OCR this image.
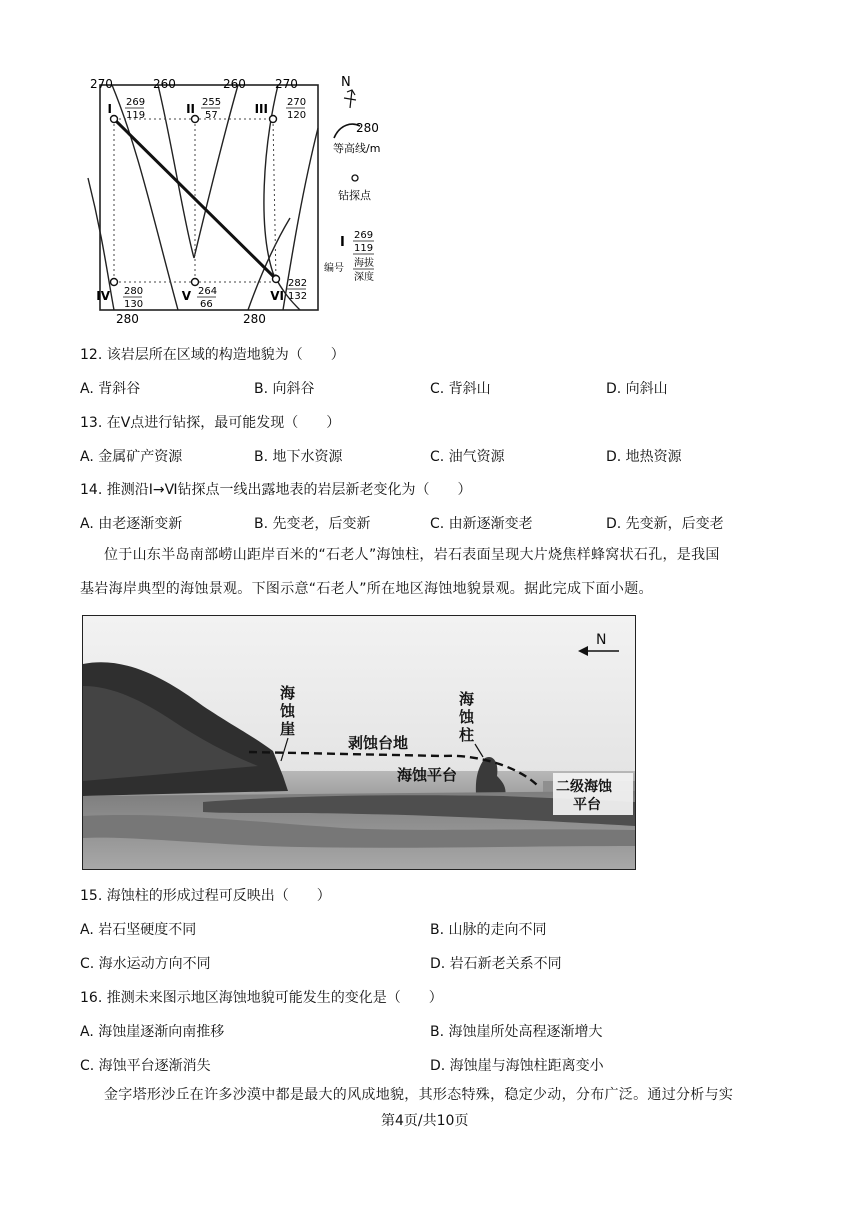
270	260	260 270
280	280
I 269
119	II 255
57	III 270
120
IV 280
130
V 264
66
VI
282
132
N
280
等高线/m
钻探点
I 269
119
编号 海拔
深度
12. 该岩层所在区域的构造地貌为（　　）
A. 背斜谷	B. 向斜谷	C. 背斜山	D. 向斜山
13. 在Ⅴ点进行钻探，最可能发现（　　）
A. 金属矿产资源	B. 地下水资源	C. 油气资源	D. 地热资源
14. 推测沿Ⅰ→Ⅵ钻探点一线出露地表的岩层新老变化为（　　）
A. 由老逐渐变新	B. 先变老，后变新	C. 由新逐渐变老	D. 先变新，后变老
位于山东半岛南部崂山距岸百米的“石老人”海蚀柱，岩石表面呈现大片烧焦样蜂窝状石孔，是我国
基岩海岸典型的海蚀景观。下图示意“石老人”所在地区海蚀地貌景观。据此完成下面小题。
N
海
蚀
崖
海
蚀
柱
剥蚀台地
海蚀平台
二级海蚀
平台
15. 海蚀柱的形成过程可反映出（　　）
A. 岩石坚硬度不同	B. 山脉的走向不同
C. 海水运动方向不同	D. 岩石新老关系不同
16. 推测未来图示地区海蚀地貌可能发生的变化是（　　）
A. 海蚀崖逐渐向南推移	B. 海蚀崖所处高程逐渐增大
C. 海蚀平台逐渐消失	D. 海蚀崖与海蚀柱距离变小
金字塔形沙丘在许多沙漠中都是最大的风成地貌，其形态特殊，稳定少动，分布广泛。通过分析与实
第4页/共10页
